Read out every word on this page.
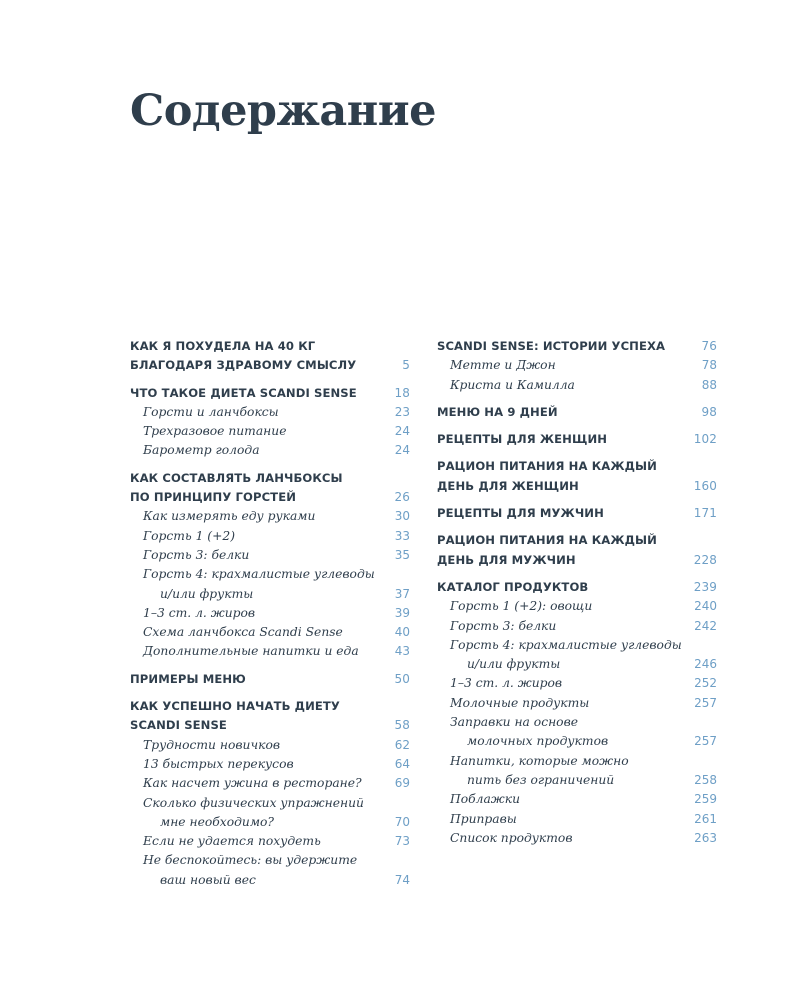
Содержание
КАК Я ПОХУДЕЛА НА 40 КГ
БЛАГОДАРЯ ЗДРАВОМУ СМЫСЛУ	5
ЧТО ТАКОЕ ДИЕТА SCANDI SENSE	18
Горсти и ланчбоксы	23
Трехразовое питание	24
Барометр голода	24
КАК СОСТАВЛЯТЬ ЛАНЧБОКСЫ
ПО ПРИНЦИПУ ГОРСТЕЙ	26
Как измерять еду руками	30
Горсть 1 (+2)	33
Горсть 3: белки	35
Горсть 4: крахмалистые углеводы
и/или фрукты	37
1–3 ст. л. жиров	39
Схема ланчбокса Scandi Sense	40
Дополнительные напитки и еда	43
ПРИМЕРЫ МЕНЮ	50
КАК УСПЕШНО НАЧАТЬ ДИЕТУ
SCANDI SENSE	58
Трудности новичков	62
13 быстрых перекусов	64
Как насчет ужина в ресторане?	69
Сколько физических упражнений
мне необходимо?	70
Если не удается похудеть	73
Не беспокойтесь: вы удержите
ваш новый вес	74
SCANDI SENSE: ИСТОРИИ УСПЕХА	76
Метте и Джон	78
Криста и Камилла	88
МЕНЮ НА 9 ДНЕЙ	98
РЕЦЕПТЫ ДЛЯ ЖЕНЩИН	102
РАЦИОН ПИТАНИЯ НА КАЖДЫЙ
ДЕНЬ ДЛЯ ЖЕНЩИН	160
РЕЦЕПТЫ ДЛЯ МУЖЧИН	171
РАЦИОН ПИТАНИЯ НА КАЖДЫЙ
ДЕНЬ ДЛЯ МУЖЧИН	228
КАТАЛОГ ПРОДУКТОВ	239
Горсть 1 (+2): овощи	240
Горсть 3: белки	242
Горсть 4: крахмалистые углеводы
и/или фрукты	246
1–3 ст. л. жиров	252
Молочные продукты	257
Заправки на основе
молочных продуктов	257
Напитки, которые можно
пить без ограничений	258
Поблажки	259
Приправы	261
Список продуктов	263
